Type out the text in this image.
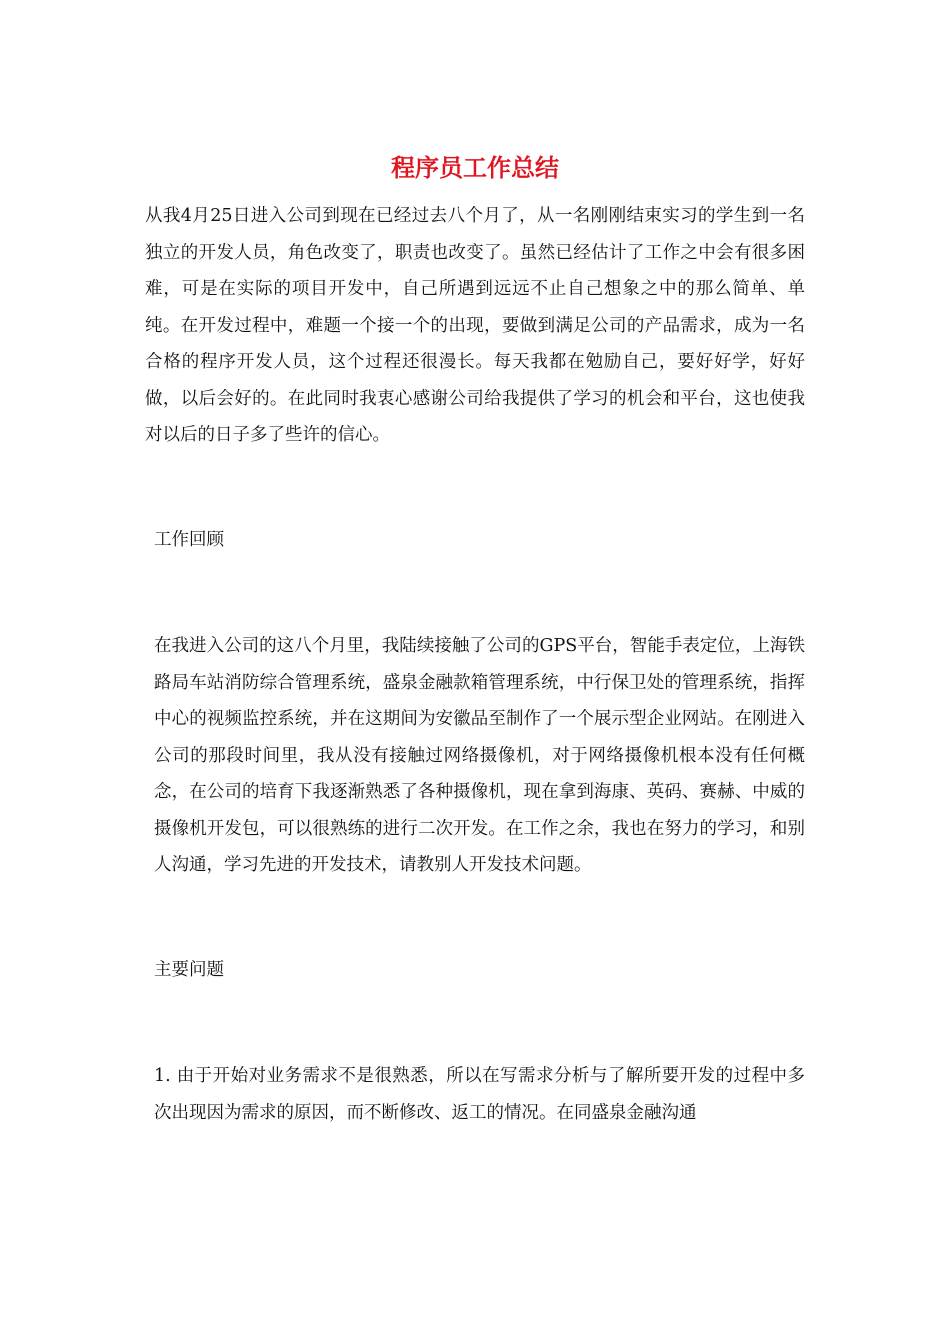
程序员工作总结

从我4月25日进入公司到现在已经过去八个月了，从一名刚刚结束实习的学生到一名独立的开发人员，角色改变了，职责也改变了。虽然已经估计了工作之中会有很多困难，可是在实际的项目开发中，自己所遇到远远不止自己想象之中的那么简单、单纯。在开发过程中，难题一个接一个的出现，要做到满足公司的产品需求，成为一名合格的程序开发人员，这个过程还很漫长。每天我都在勉励自己，要好好学，好好做，以后会好的。在此同时我衷心感谢公司给我提供了学习的机会和平台，这也使我对以后的日子多了些许的信心。

工作回顾

在我进入公司的这八个月里，我陆续接触了公司的GPS平台，智能手表定位，上海铁路局车站消防综合管理系统，盛泉金融款箱管理系统，中行保卫处的管理系统，指挥中心的视频监控系统，并在这期间为安徽品至制作了一个展示型企业网站。在刚进入公司的那段时间里，我从没有接触过网络摄像机，对于网络摄像机根本没有任何概念，在公司的培育下我逐渐熟悉了各种摄像机，现在拿到海康、英码、赛赫、中威的摄像机开发包，可以很熟练的进行二次开发。在工作之余，我也在努力的学习，和别人沟通，学习先进的开发技术，请教别人开发技术问题。

主要问题

1. 由于开始对业务需求不是很熟悉，所以在写需求分析与了解所要开发的过程中多次出现因为需求的原因，而不断修改、返工的情况。在同盛泉金融沟通
